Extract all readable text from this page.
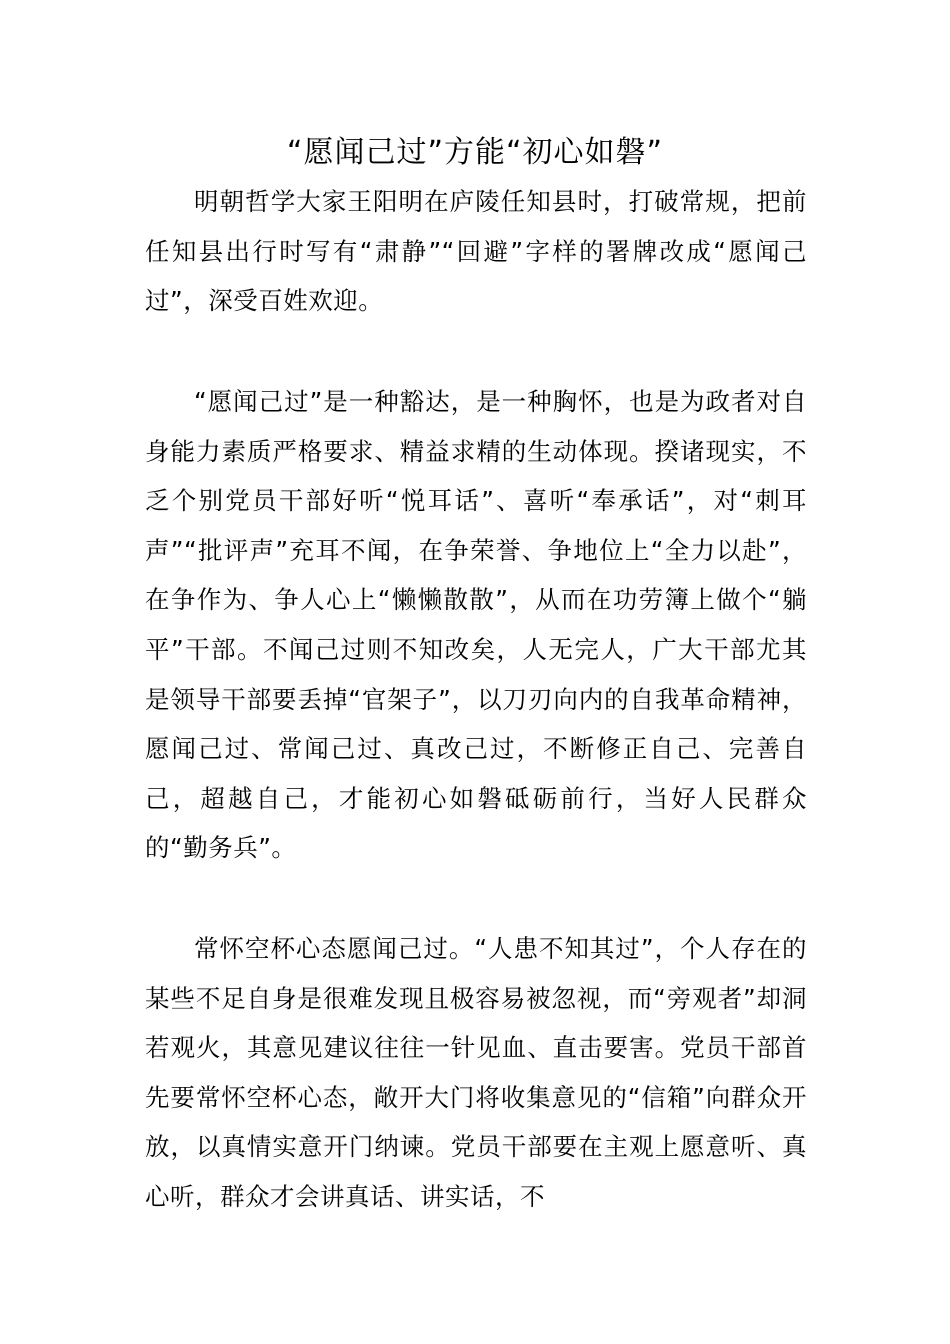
“愿闻己过”方能“初心如磐”

明朝哲学大家王阳明在庐陵任知县时，打破常规，把前任知县出行时写有“肃静”“回避”字样的署牌改成“愿闻己过”，深受百姓欢迎。

“愿闻己过”是一种豁达，是一种胸怀，也是为政者对自身能力素质严格要求、精益求精的生动体现。揆诸现实，不乏个别党员干部好听“悦耳话”、喜听“奉承话”，对“刺耳声”“批评声”充耳不闻，在争荣誉、争地位上“全力以赴”，在争作为、争人心上“懒懒散散”，从而在功劳簿上做个“躺平”干部。不闻己过则不知改矣，人无完人，广大干部尤其是领导干部要丢掉“官架子”，以刀刃向内的自我革命精神，愿闻己过、常闻己过、真改己过，不断修正自己、完善自己，超越自己，才能初心如磐砥砺前行，当好人民群众的“勤务兵”。

常怀空杯心态愿闻己过。“人患不知其过”，个人存在的某些不足自身是很难发现且极容易被忽视，而“旁观者”却洞若观火，其意见建议往往一针见血、直击要害。党员干部首先要常怀空杯心态，敞开大门将收集意见的“信箱”向群众开放，以真情实意开门纳谏。党员干部要在主观上愿意听、真心听，群众才会讲真话、讲实话，不
